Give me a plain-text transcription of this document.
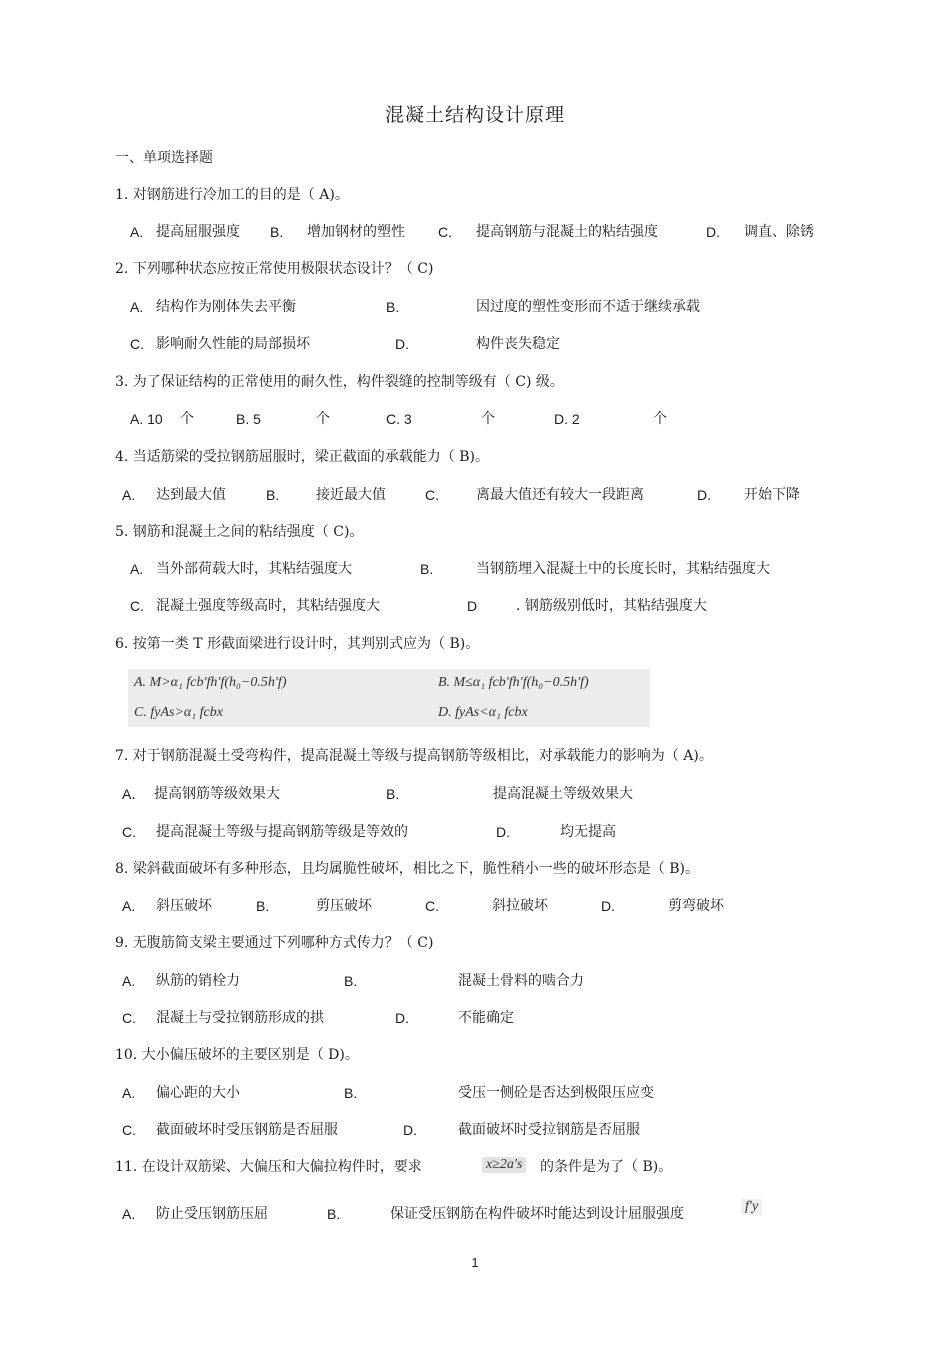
混凝土结构设计原理
一、单项选择题
1. 对钢筋进行冷加工的目的是（ A)。
A. 提高屈服强度 B. 增加钢材的塑性 C. 提高钢筋与混凝土的粘结强度	D. 调直、除锈
2. 下列哪种状态应按正常使用极限状态设计？（ C)
A. 结构作为刚体失去平衡	B.	因过度的塑性变形而不适于继续承载
C. 影响耐久性能的局部损坏	D.	构件丧失稳定
3. 为了保证结构的正常使用的耐久性，构件裂缝的控制等级有（ C) 级。
A. 10 个	B. 5	个	C. 3	个	D. 2	个
4. 当适筋梁的受拉钢筋屈服时，梁正截面的承载能力（ B)。
A. 达到最大值	B.	接近最大值	C.	离最大值还有较大一段距离	D. 开始下降
5. 钢筋和混凝土之间的粘结强度（ C)。
A. 当外部荷载大时，其粘结强度大	B.	当钢筋埋入混凝土中的长度长时，其粘结强度大
C. 混凝土强度等级高时，其粘结强度大	D	. 钢筋级别低时，其粘结强度大
6. 按第一类 T 形截面梁进行设计时，其判别式应为（ B)。
A. M>α₁ fcb′fh′f(h₀−0.5h′f)	B. M≤α₁ fcb′fh′f(h₀−0.5h′f)
C. fyAs>α₁ fcbx	D. fyAs<α₁ fcbx
7. 对于钢筋混凝土受弯构件，提高混凝土等级与提高钢筋等级相比，对承载能力的影响为（ A)。
A． 提高钢筋等级效果大	B.	提高混凝土等级效果大
C. 提高混凝土等级与提高钢筋等级是等效的	D.	均无提高
8. 梁斜截面破坏有多种形态，且均属脆性破坏，相比之下，脆性稍小一些的破坏形态是（ B)。
A. 斜压破坏	B.	剪压破坏	C.	斜拉破坏	D.	剪弯破坏
9. 无腹筋简支梁主要通过下列哪种方式传力？（ C)
A. 纵筋的销栓力	B.	混凝土骨料的啮合力
C. 混凝土与受拉钢筋形成的拱	D.	不能确定
10. 大小偏压破坏的主要区别是（ D)。
A. 偏心距的大小	B.	受压一侧砼是否达到极限压应变
C. 截面破坏时受压钢筋是否屈服	D.	截面破坏时受拉钢筋是否屈服
11. 在设计双筋梁、大偏压和大偏拉构件时，要求	x≥2a′s 的条件是为了（ B)。
A. 防止受压钢筋压屈	B.	保证受压钢筋在构件破坏时能达到设计屈服强度	f′y
1
